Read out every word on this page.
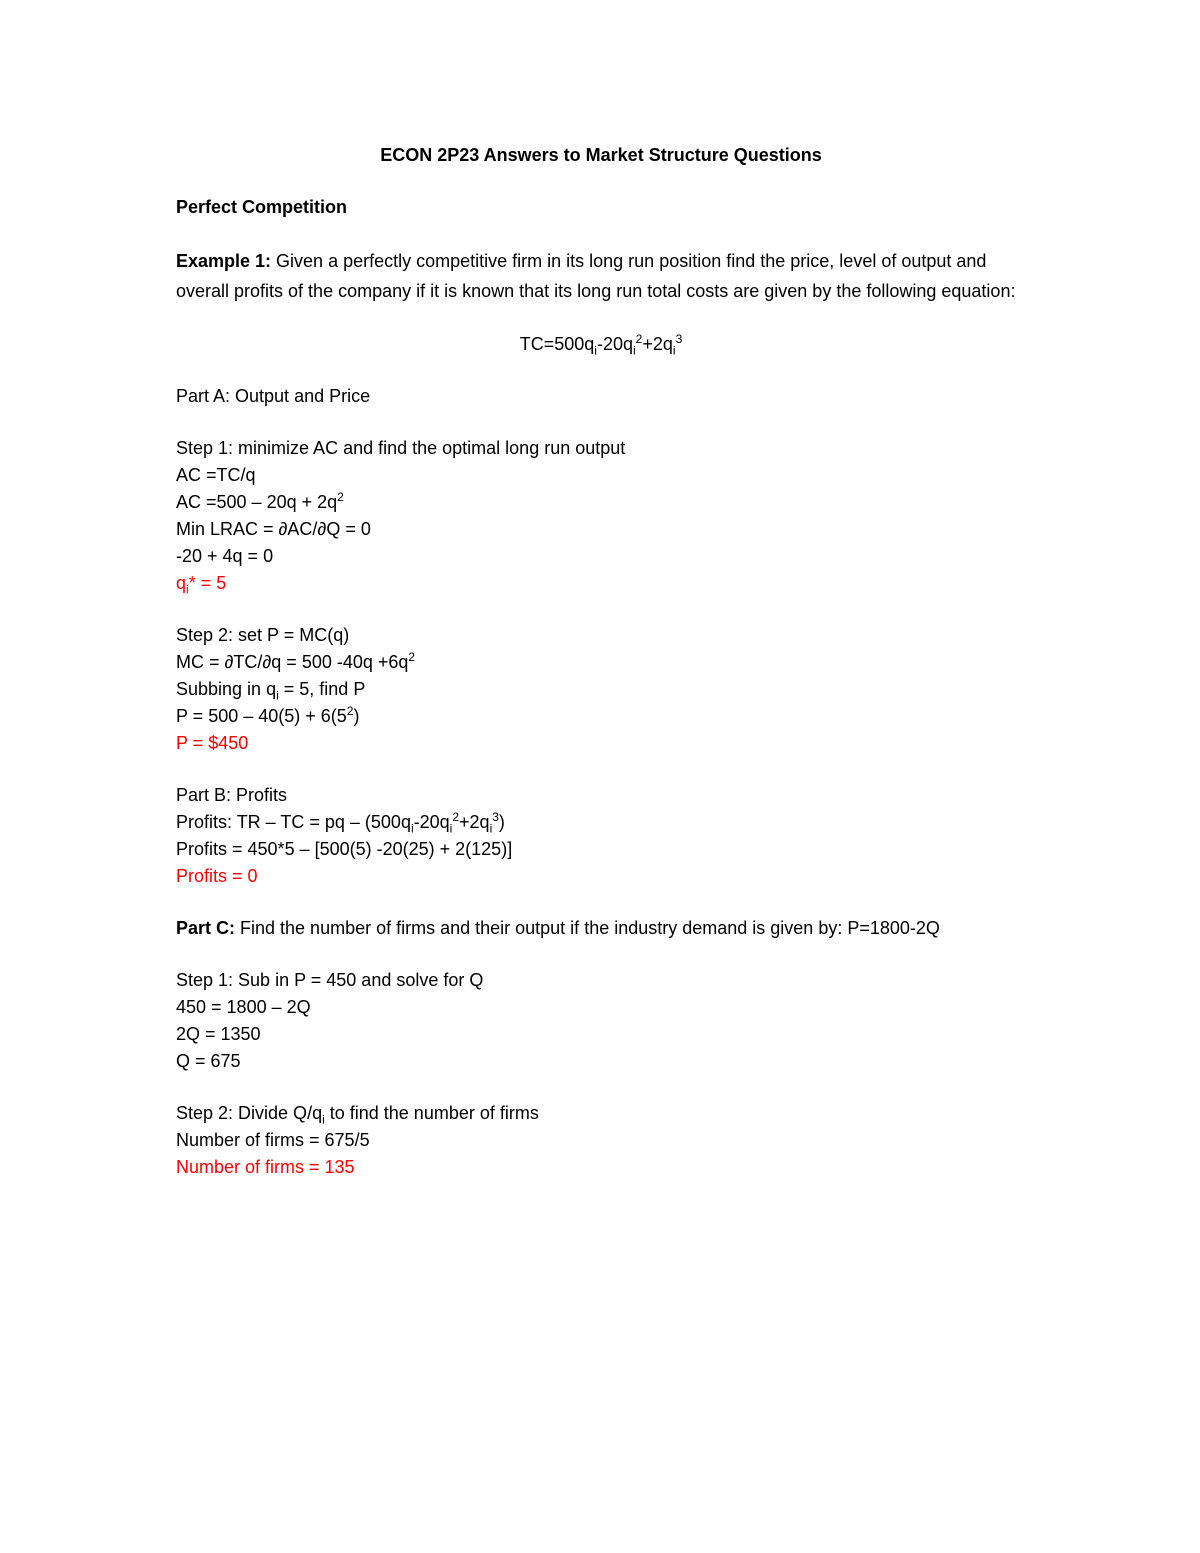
ECON 2P23 Answers to Market Structure Questions
Perfect Competition
Example 1: Given a perfectly competitive firm in its long run position find the price, level of output and overall profits of the company if it is known that its long run total costs are given by the following equation:
$TC=500q_i-20q_i^2+2q_i^3$
Part A: Output and Price
Step 1: minimize AC and find the optimal long run output
AC =TC/q
AC $=500 - 20q + 2q^2$
Min LRAC = ∂AC/∂Q = 0
-20 + 4q = 0
$q_i* = 5$
Step 2: set P = MC(q)
MC = ∂TC/∂q = 500 $-40q +6q^2$
Subbing in $q_i = 5$, find P
$P = 500 - 40(5) + 6(5^2)$
P = $450
Part B: Profits
Profits: TR – TC = pq – $(500q_i-20q_i^2+2q_i^3)$
Profits = 450*5 – [500(5) -20(25) + 2(125)]
Profits = 0
Part C: Find the number of firms and their output if the industry demand is given by: P=1800-2Q
Step 1: Sub in P = 450 and solve for Q
450 = 1800 – 2Q
2Q = 1350
Q = 675
Step 2: Divide $Q/q_i$ to find the number of firms
Number of firms = 675/5
Number of firms = 135
